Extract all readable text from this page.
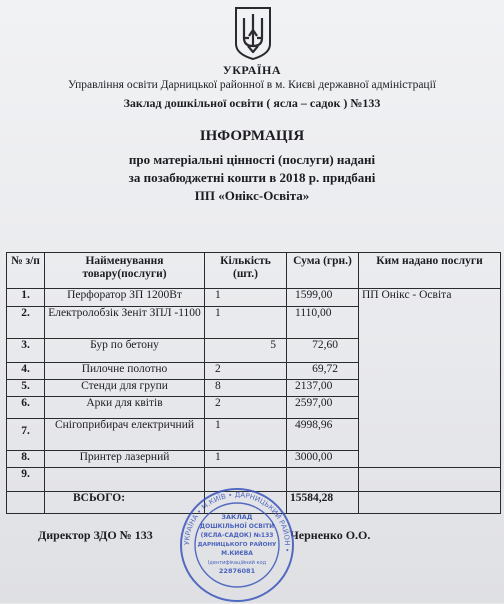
УКРАЇНА
Управління освіти Дарницької районної в м. Києві державної адміністрації
Заклад дошкільної освіти ( ясла – садок ) №133
ІНФОРМАЦІЯ
про матеріальні цінності (послуги) надані
за позабюджетні кошти в 2018 р. придбані
ПП «Онікс-Освіта»
№ з/п	Найменування товару(послуги)	Кількість (шт.)	Сума (грн.)	Ким надано послуги
1.	Перфоратор ЗП 1200Вт	1	1599,00	ПП Онікс - Освіта
2.	Електролобзік Зеніт ЗПЛ -1100	1	1110,00	
3.	Бур по бетону	5	72,60	
4.	Пилочне полотно	2	69,72	
5.	Стенди для групи	8	2137,00	
6.	Арки для квітів	2	2597,00	
7.	Снігоприбирач електричний	1	4998,96	
8.	Принтер лазерний	1	3000,00	
9.				
	ВСЬОГО:		15584,28	
Директор ЗДО № 133	Черненко О.О.
УКРАЇНА • М.КИЇВ • ДАРНИЦЬКИЙ РАЙОН •
ЗАКЛАД
ДОШКІЛЬНОЇ ОСВІТИ
(ЯСЛА-САДОК) №133
ДАРНИЦЬКОГО РАЙОНУ
М.КИЄВА
Ідентифікаційний код
22876081
